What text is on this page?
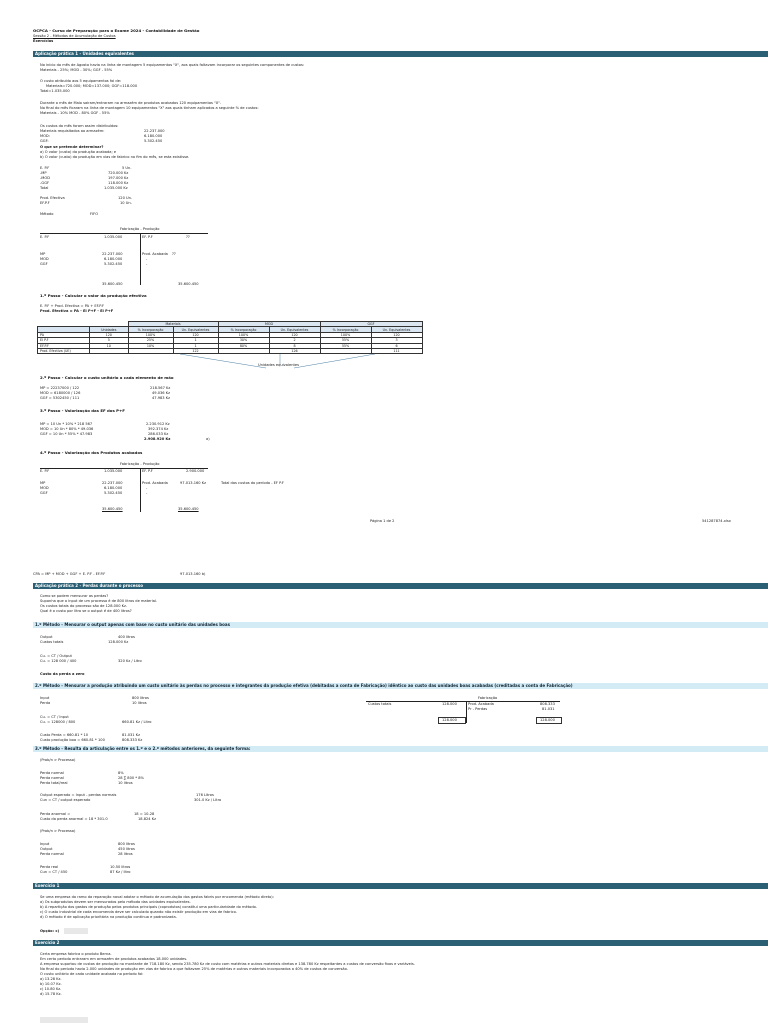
OCPCA - Curso de Preparação para o Exame 2024 - Contabilidade de Gestão
Sessão 2 - Métodos de Acumulação de Custos
Exercícios
Aplicação prática 1 - Unidades equivalentes
No início do mês de Agosto havia na linha de montagem 5 equipamentos "X", aos quais faltavam incorporar os seguintes componentes de custos:
Materiais - 25%; MOD - 30%; GGF - 55%
O custo atribuído aos 5 equipamentos foi de:
Materiais=720.000; MOD=137.000; GGF=118.000
Total=1.035.000
Durante o mês de Maio sairam/entraram no armazém de produtos acabados 120 equipamentos "X".
No final do mês ficaram na linha de montagem 10 equipamentos "X" aos quais tinham aplicados a seguinte % de custos:
Materiais - 10% MOD - 80% GGF - 55%
Os custos do mês foram assim distribuídos:
Materiais requisitados ao armazém:	22.237.000
MOD:	6.180.000
GGF:	5.302.450
O que se pretende determinar?
a) O valor (custo) da produção acabada; e
b) O valor (custo) da produção em vias de fabrico no fim do mês, se esta existisse.
E. P.F	5 Un.
-MP	720.000 Kz
-MOD	197.000 Kz
-GGF	118.000 Kz
Total	1.035.000 Kz
Prod. Efectiva	120 Un.
EF.P.F	10 Un.
Método	FIFO
Fabricação - Produção
E. P.F	1.035.000	EF. P.F	??
MP	22.237.000	Prod. Acabada ??
MOD	6.180.000	-
GGF	5.302.450	-
35.600.450	35.600.450
1.º Passo - Calcular o valor da produção efectiva
E. P.F + Prod. Efectiva = PA + EF.P.F
Prod. Efectiva = PA - EI P+F - EI P+F
		Materiais		MOD		GGF	
	Unidades	% Incorporação	Un. Equivalentes	% Incorporação	Un. Equivalentes	% Incorporação	Un. Equivalentes
PA	120	100%	120	100%	120	100%	120
EI P.F	5	25%	1	30%	2	55%	3
EF.P.F	10	10%	1	80%	8	55%	6
Prod. Efectiva (UE)			122		126		111
Unidades equivalentes
2.º Passo - Calcular o custo unitário a cada elemento de mão
MP = 22237000 / 122	218.567 Kz
MOD = 6180000 / 126	49.036 Kz
GGF = 5302450 / 111	47.983 Kz
3.º Passo - Valorização das EF dos P+F
MP = 10 Un * 10% * 218 567	2.230.912 Kz
MOD = 10 Un * 80% * 49.036	392.374 Kz
GGF = 10 Un * 55% * 47.983	286.033 Kz
2.908.920 Kz	a)
4.º Passo - Valorização dos Produtos acabados
Fabricação - Produção
E. P.F	1.035.000	EF. P.F	2.900.000
MP	22.237.000	Prod. Acabada	97.013.160 Kz	Total dos custos do período - EF P.F
MOD	6.180.000	-
GGF	5.302.450	-
35.600.450	35.600.450
Página 1 de 2	541287874.xlsx
CPA = MP + MOD + GGF + E. P.F - EF.P.F	97.013.160 b)
Aplicação prática 2 - Perdas durante o processo
Como se podem mensurar as perdas?
Suponha que o input de um processo é de 800 litros de material.
Os custos totais do processo são de 128.000 Kz.
Qual é o custo por litro se o output é de 400 litros?
1.º Método - Mensurar o output apenas com base no custo unitário das unidades boas
Output	400 litros
Custos totais	128.000 Kz
Cu. = CT / Output
Cu. = 128 000 / 400	320 Kz / Litro
Custo da perda a zero
2.º Método - Mensurar a produção atribuindo um custo unitário às perdas no processo e integrantes da produção efetiva (debitadas a conta de Fabricação) idêntico ao custo das unidades boas acabadas (creditadas a conta de Fabricação)
Input	800 litros
Perda	10 litros
Cu. = CT / Input
Cu. = 128000 / 800	660.81 Kz / Litro
Custo Perda = 660.81 * 10	81.031 Kz
Custo produção boa = 660.81 * 100	808.333 Kz
Fabricação
Custos totais	128.000	Prod. Acabada	808.333
Pr - Perdas	81.031
128.000	128.000
3.º Método - Resulta da articulação entre os 1.º e o 2.º métodos anteriores, da seguinte forma:
(Prob/n > Processo)
Perda normal	8%
Perda normal	28 ∑ 800 * 8%
Perda total/real	10 litros
Output esperado = Input - perdas normais	176 Litros
Cun = CT / output esperado	301.0 Kz / Litro
Perda anormal =	18 = 10-28
Custo da perda anormal = 18 * 301.0	18.824 Kz
(Prob/n > Processo)
Input	800 litros
Output	450 litros
Perda normal	28 litros
Perda real	10.50 litros
Cun = CT / 450	87 Kz / litro
Exercício 1
Se uma empresa do ramo da reparação naval adotar o método de acumulação dos gastos fabris por encomenda (método direto):
a) Os subprodutos devem ser mensurados pelo método das unidades equivalentes.
b) A repartição dos gastos de produção pelos produtos principais (coprodutos) constitui uma particularidade do método.
c) O custo industrial de cada encomenda deve ser calculado quando não existir produção em vias de fabrico.
d) O método é de aplicação prioritária na produção contínua e padronizada.
Opção: c)
Exercício 2
Certa empresa fabrica o produto Berna.
Em certo período entraram em armazém de produtos acabados 18.000 unidades.
A empresa suportou de custos de produção no montante de 718.180 Kz, sendo 235.780 Kz de custo com matérias e outros materiais diretos e 138.780 Kz respeitantes a custos de conversão fixos e variáveis.
No final do período havia 2.000 unidades de produção em vias de fabrico a que faltavam 25% de matérias e outros materiais incorporados a 40% de custos de conversão.
O custo unitário de cada unidade acabada no período foi:
a) 13.28 Kz.
b) 10.07 Kz.
c) 10.80 Kz.
d) 15.78 Kz.
